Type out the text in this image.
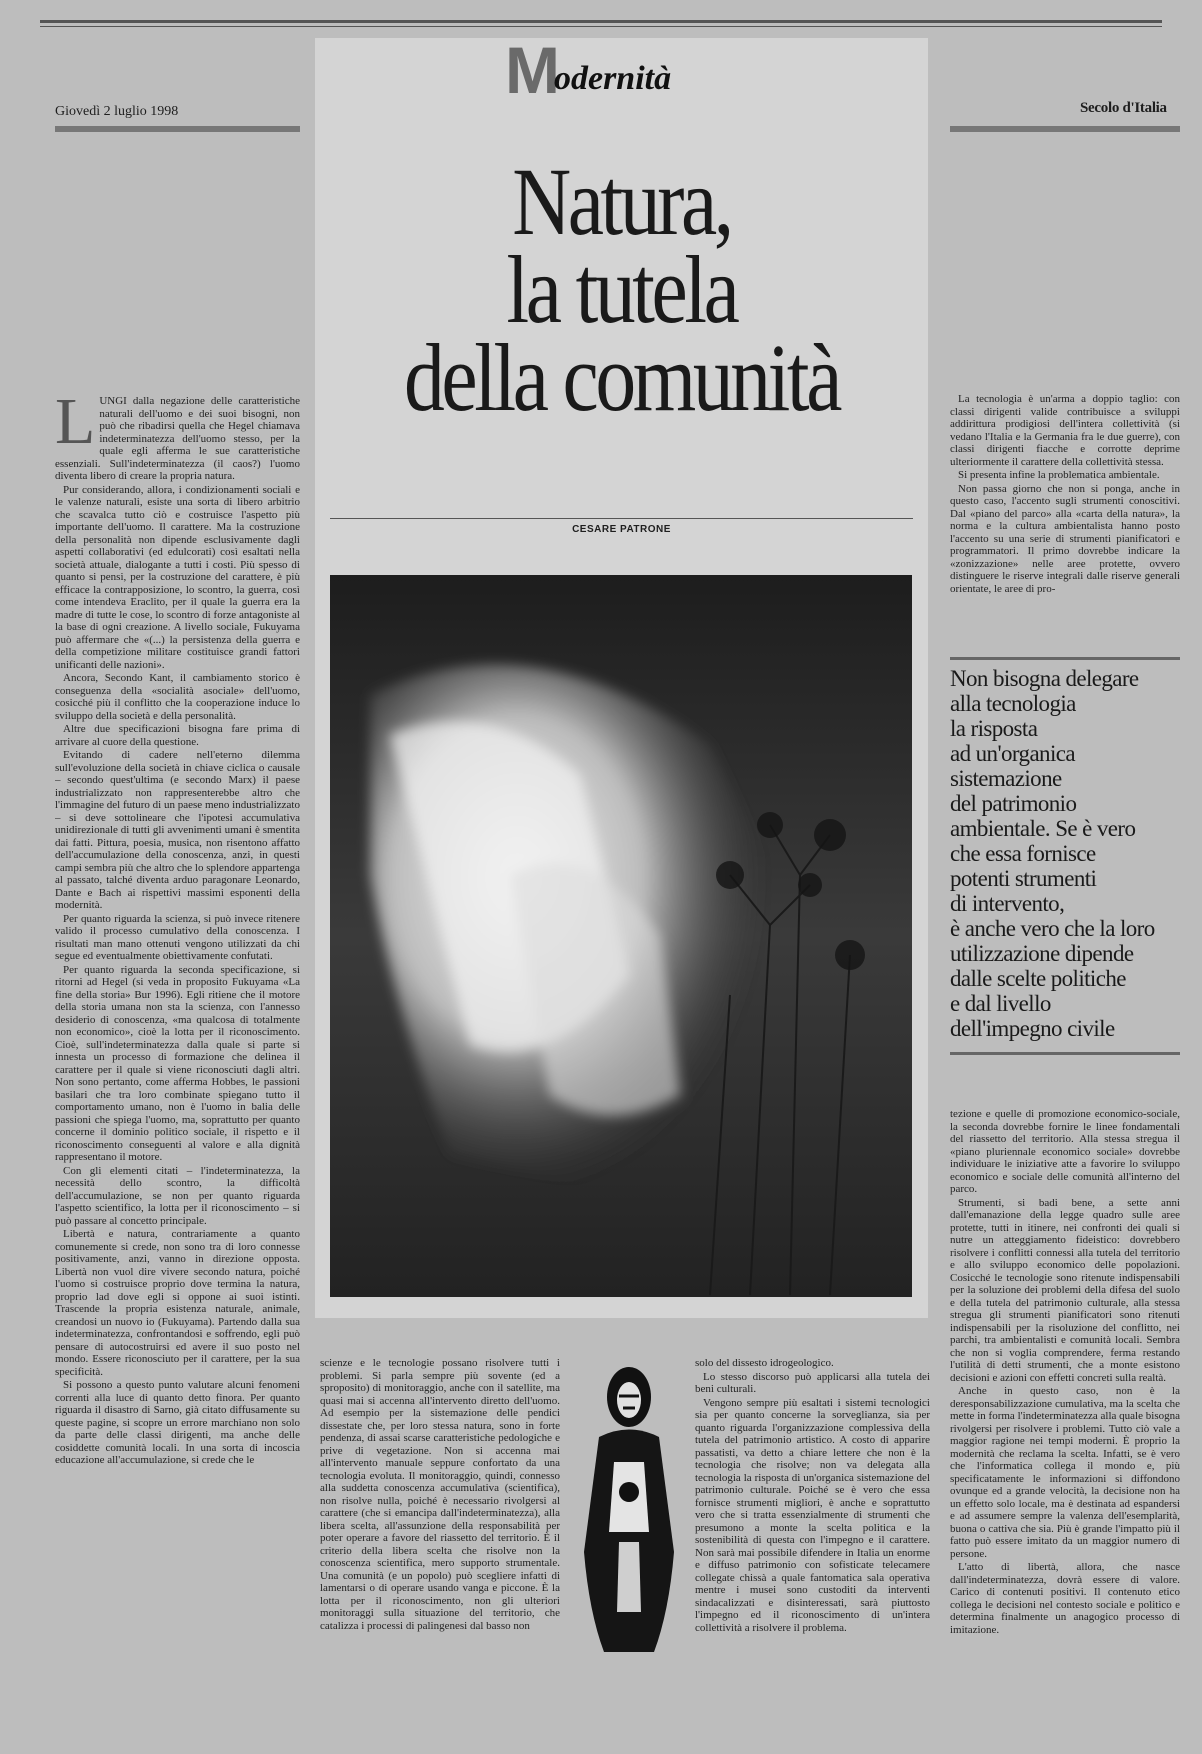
M
odernità
Giovedì 2 luglio 1998	Secolo d'Italia
Natura,
la tutela
della comunità
CESARE PATRONE
L UNGI dalla negazione delle caratteristiche naturali dell'uomo e dei suoi bisogni, non può che ribadirsi quella che Hegel chiamava indeterminatezza dell'uomo stesso, per la quale egli afferma le sue caratteristiche essenziali. Sull'indeterminatezza (il caos?) l'uomo diventa libero di creare la propria natura.

Pur considerando, allora, i condizionamenti sociali e le valenze naturali, esiste una sorta di libero arbitrio che scavalca tutto ciò e costruisce l'aspetto più importante dell'uomo. Il carattere. Ma la costruzione della personalità non dipende esclusivamente dagli aspetti collaborativi (ed edulcorati) così esaltati nella società attuale, dialogante a tutti i costi. Più spesso di quanto si pensi, per la costruzione del carattere, è più efficace la contrapposizione, lo scontro, la guerra, così come intendeva Eraclito, per il quale la guerra era la madre di tutte le cose, lo scontro di forze antagoniste al la base di ogni creazione. A livello sociale, Fukuyama può affermare che «(...) la persistenza della guerra e della competizione militare costituisce grandi fattori unificanti delle nazioni».

Ancora, Secondo Kant, il cambiamento storico è conseguenza della «socialità asociale» dell'uomo, cosicché più il conflitto che la cooperazione induce lo sviluppo della società e della personalità.

Altre due specificazioni bisogna fare prima di arrivare al cuore della questione.

Evitando di cadere nell'eterno dilemma sull'evoluzione della società in chiave ciclica o causale – secondo quest'ultima (e secondo Marx) il paese industrializzato non rappresenterebbe altro che l'immagine del futuro di un paese meno industrializzato – si deve sottolineare che l'ipotesi accumulativa unidirezionale di tutti gli avvenimenti umani è smentita dai fatti. Pittura, poesia, musica, non risentono affatto dell'accumulazione della conoscenza, anzi, in questi campi sembra più che altro che lo splendore appartenga al passato, talché diventa arduo paragonare Leonardo, Dante e Bach ai rispettivi massimi esponenti della modernità.

Per quanto riguarda la scienza, si può invece ritenere valido il processo cumulativo della conoscenza. I risultati man mano ottenuti vengono utilizzati da chi segue ed eventualmente obiettivamente confutati.

Per quanto riguarda la seconda specificazione, si ritorni ad Hegel (si veda in proposito Fukuyama «La fine della storia» Bur 1996). Egli ritiene che il motore della storia umana non sta la scienza, con l'annesso desiderio di conoscenza, «ma qualcosa di totalmente non economico», cioè la lotta per il riconoscimento. Cioè, sull'indeterminatezza dalla quale si parte si innesta un processo di formazione che delinea il carattere per il quale si viene riconosciuti dagli altri. Non sono pertanto, come afferma Hobbes, le passioni basilari che tra loro combinate spiegano tutto il comportamento umano, non è l'uomo in balia delle passioni che spiega l'uomo, ma, soprattutto per quanto concerne il dominio politico sociale, il rispetto e il riconoscimento conseguenti al valore e alla dignità rappresentano il motore.

Con gli elementi citati – l'indeterminatezza, la necessità dello scontro, la difficoltà dell'accumulazione, se non per quanto riguarda l'aspetto scientifico, la lotta per il riconoscimento – si può passare al concetto principale.

Libertà e natura, contrariamente a quanto comunemente si crede, non sono tra di loro connesse positivamente, anzi, vanno in direzione opposta. Libertà non vuol dire vivere secondo natura, poiché l'uomo si costruisce proprio dove termina la natura, proprio lad dove egli si oppone ai suoi istinti. Trascende la propria esistenza naturale, animale, creandosi un nuovo io (Fukuyama). Partendo dalla sua indeterminatezza, confrontandosi e soffrendo, egli può pensare di autocostruirsi ed avere il suo posto nel mondo. Essere riconosciuto per il carattere, per la sua specificità.

Si possono a questo punto valutare alcuni fenomeni correnti alla luce di quanto detto finora. Per quanto riguarda il disastro di Sarno, già citato diffusamente su queste pagine, si scopre un errore marchiano non solo da parte delle classi dirigenti, ma anche delle cosiddette comunità locali. In una sorta di incoscia educazione all'accumulazione, si crede che le

scienze e le tecnologie possano risolvere tutti i problemi. Si parla sempre più sovente (ed a sproposito) di monitoraggio, anche con il satellite, ma quasi mai si accenna all'intervento diretto dell'uomo. Ad esempio per la sistemazione delle pendici dissestate che, per loro stessa natura, sono in forte pendenza, di assai scarse caratteristiche pedologiche e prive di vegetazione. Non si accenna mai all'intervento manuale seppure confortato da una tecnologia evoluta. Il monitoraggio, quindi, connesso alla suddetta conoscenza accumulativa (scientifica), non risolve nulla, poiché è necessario rivolgersi al carattere (che si emancipa dall'indeterminatezza), alla libera scelta, all'assunzione della responsabilità per poter operare a favore del riassetto del territorio. È il criterio della libera scelta che risolve non la conoscenza scientifica, mero supporto strumentale. Una comunità (e un popolo) può scegliere infatti di lamentarsi o di operare usando vanga e piccone. È la lotta per il riconoscimento, non gli ulteriori monitoraggi sulla situazione del territorio, che catalizza i processi di palingenesi dal basso non

solo del dissesto idrogeologico.

Lo stesso discorso può applicarsi alla tutela dei beni culturali.

Vengono sempre più esaltati i sistemi tecnologici sia per quanto concerne la sorveglianza, sia per quanto riguarda l'organizzazione complessiva della tutela del patrimonio artistico. A costo di apparire passatisti, va detto a chiare lettere che non è la tecnologia che risolve; non va delegata alla tecnologia la risposta di un'organica sistemazione del patrimonio culturale. Poiché se è vero che essa fornisce strumenti migliori, è anche e soprattutto vero che si tratta essenzialmente di strumenti che presumono a monte la scelta politica e la sostenibilità di questa con l'impegno e il carattere. Non sarà mai possibile difendere in Italia un enorme e diffuso patrimonio con sofisticate telecamere collegate chissà a quale fantomatica sala operativa mentre i musei sono custoditi da interventi sindacalizzati e disinteressati, sarà piuttosto l'impegno ed il riconoscimento di un'intera collettività a risolvere il problema.

La tecnologia è un'arma a doppio taglio: con classi dirigenti valide contribuisce a sviluppi addirittura prodigiosi dell'intera collettività (si vedano l'Italia e la Germania fra le due guerre), con classi dirigenti fiacche e corrotte deprime ulteriormente il carattere della collettività stessa.

Si presenta infine la problematica ambientale.

Non passa giorno che non si ponga, anche in questo caso, l'accento sugli strumenti conoscitivi. Dal «piano del parco» alla «carta della natura», la norma e la cultura ambientalista hanno posto l'accento su una serie di strumenti pianificatori e programmatori. Il primo dovrebbe indicare la «zonizzazione» nelle aree protette, ovvero distinguere le riserve integrali dalle riserve generali orientate, le aree di pro-

Non bisogna delegare
alla tecnologia
la risposta
ad un'organica
sistemazione
del patrimonio
ambientale. Se è vero
che essa fornisce
potenti strumenti
di intervento,
è anche vero che la loro
utilizzazione dipende
dalle scelte politiche
e dal livello
dell'impegno civile

tezione e quelle di promozione economico-sociale, la seconda dovrebbe fornire le linee fondamentali del riassetto del territorio. Alla stessa stregua il «piano pluriennale economico sociale» dovrebbe individuare le iniziative atte a favorire lo sviluppo economico e sociale delle comunità all'interno del parco.

Strumenti, si badi bene, a sette anni dall'emanazione della legge quadro sulle aree protette, tutti in itinere, nei confronti dei quali si nutre un atteggiamento fideistico: dovrebbero risolvere i conflitti connessi alla tutela del territorio e allo sviluppo economico delle popolazioni. Cosicché le tecnologie sono ritenute indispensabili per la soluzione dei problemi della difesa del suolo e della tutela del patrimonio culturale, alla stessa stregua gli strumenti pianificatori sono ritenuti indispensabili per la risoluzione del conflitto, nei parchi, tra ambientalisti e comunità locali. Sembra che non si voglia comprendere, ferma restando l'utilità di detti strumenti, che a monte esistono decisioni e azioni con effetti concreti sulla realtà.

Anche in questo caso, non è la deresponsabilizzazione cumulativa, ma la scelta che mette in forma l'indeterminatezza alla quale bisogna rivolgersi per risolvere i problemi. Tutto ciò vale a maggior ragione nei tempi moderni. È proprio la modernità che reclama la scelta. Infatti, se è vero che l'informatica collega il mondo e, più specificatamente le informazioni si diffondono ovunque ed a grande velocità, la decisione non ha un effetto solo locale, ma è destinata ad espandersi e ad assumere sempre la valenza dell'esemplarità, buona o cattiva che sia. Più è grande l'impatto più il fatto può essere imitato da un maggior numero di persone.

L'atto di libertà, allora, che nasce dall'indeterminatezza, dovrà essere di valore. Carico di contenuti positivi. Il contenuto etico collega le decisioni nel contesto sociale e politico e determina finalmente un anagogico processo di imitazione.
